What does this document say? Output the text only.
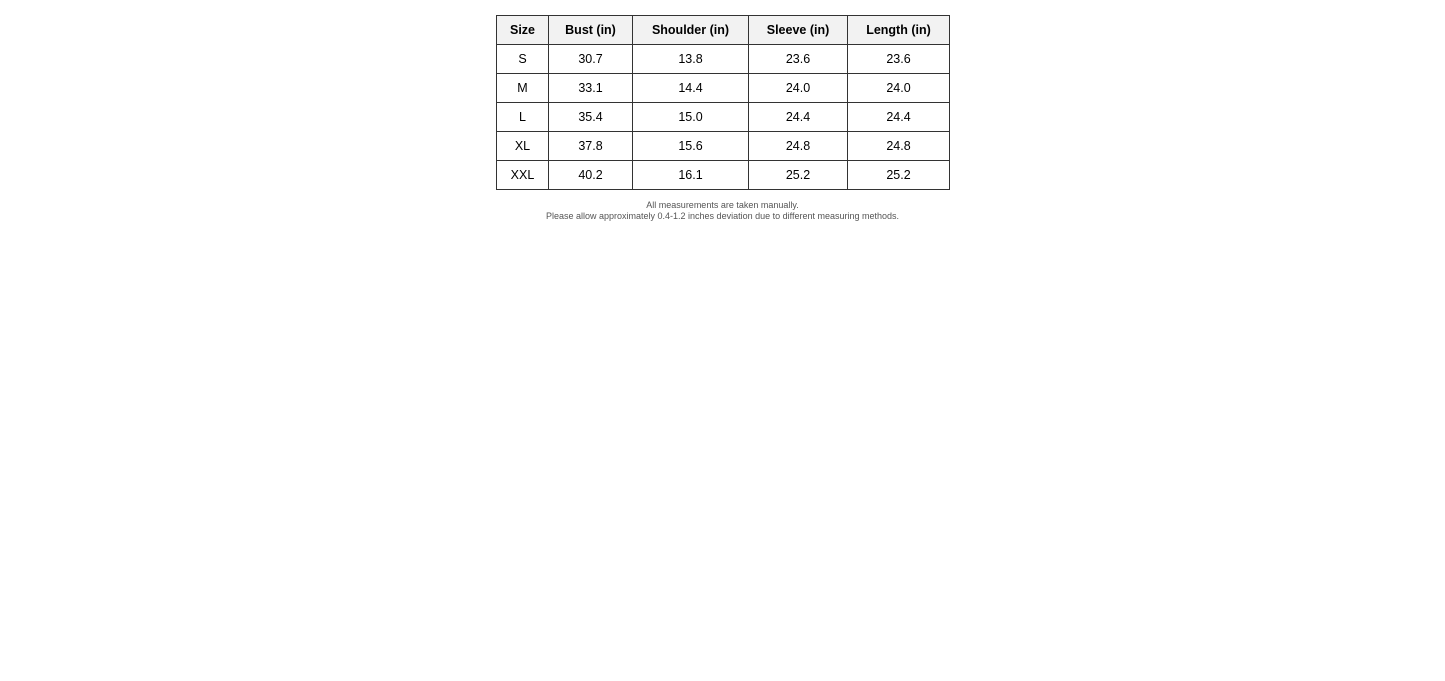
Size	Bust (in)	Shoulder (in)	Sleeve (in)	Length (in)
S	30.7	13.8	23.6	23.6
M	33.1	14.4	24.0	24.0
L	35.4	15.0	24.4	24.4
XL	37.8	15.6	24.8	24.8
XXL	40.2	16.1	25.2	25.2
All measurements are taken manually.
Please allow approximately 0.4-1.2 inches deviation due to different measuring methods.
